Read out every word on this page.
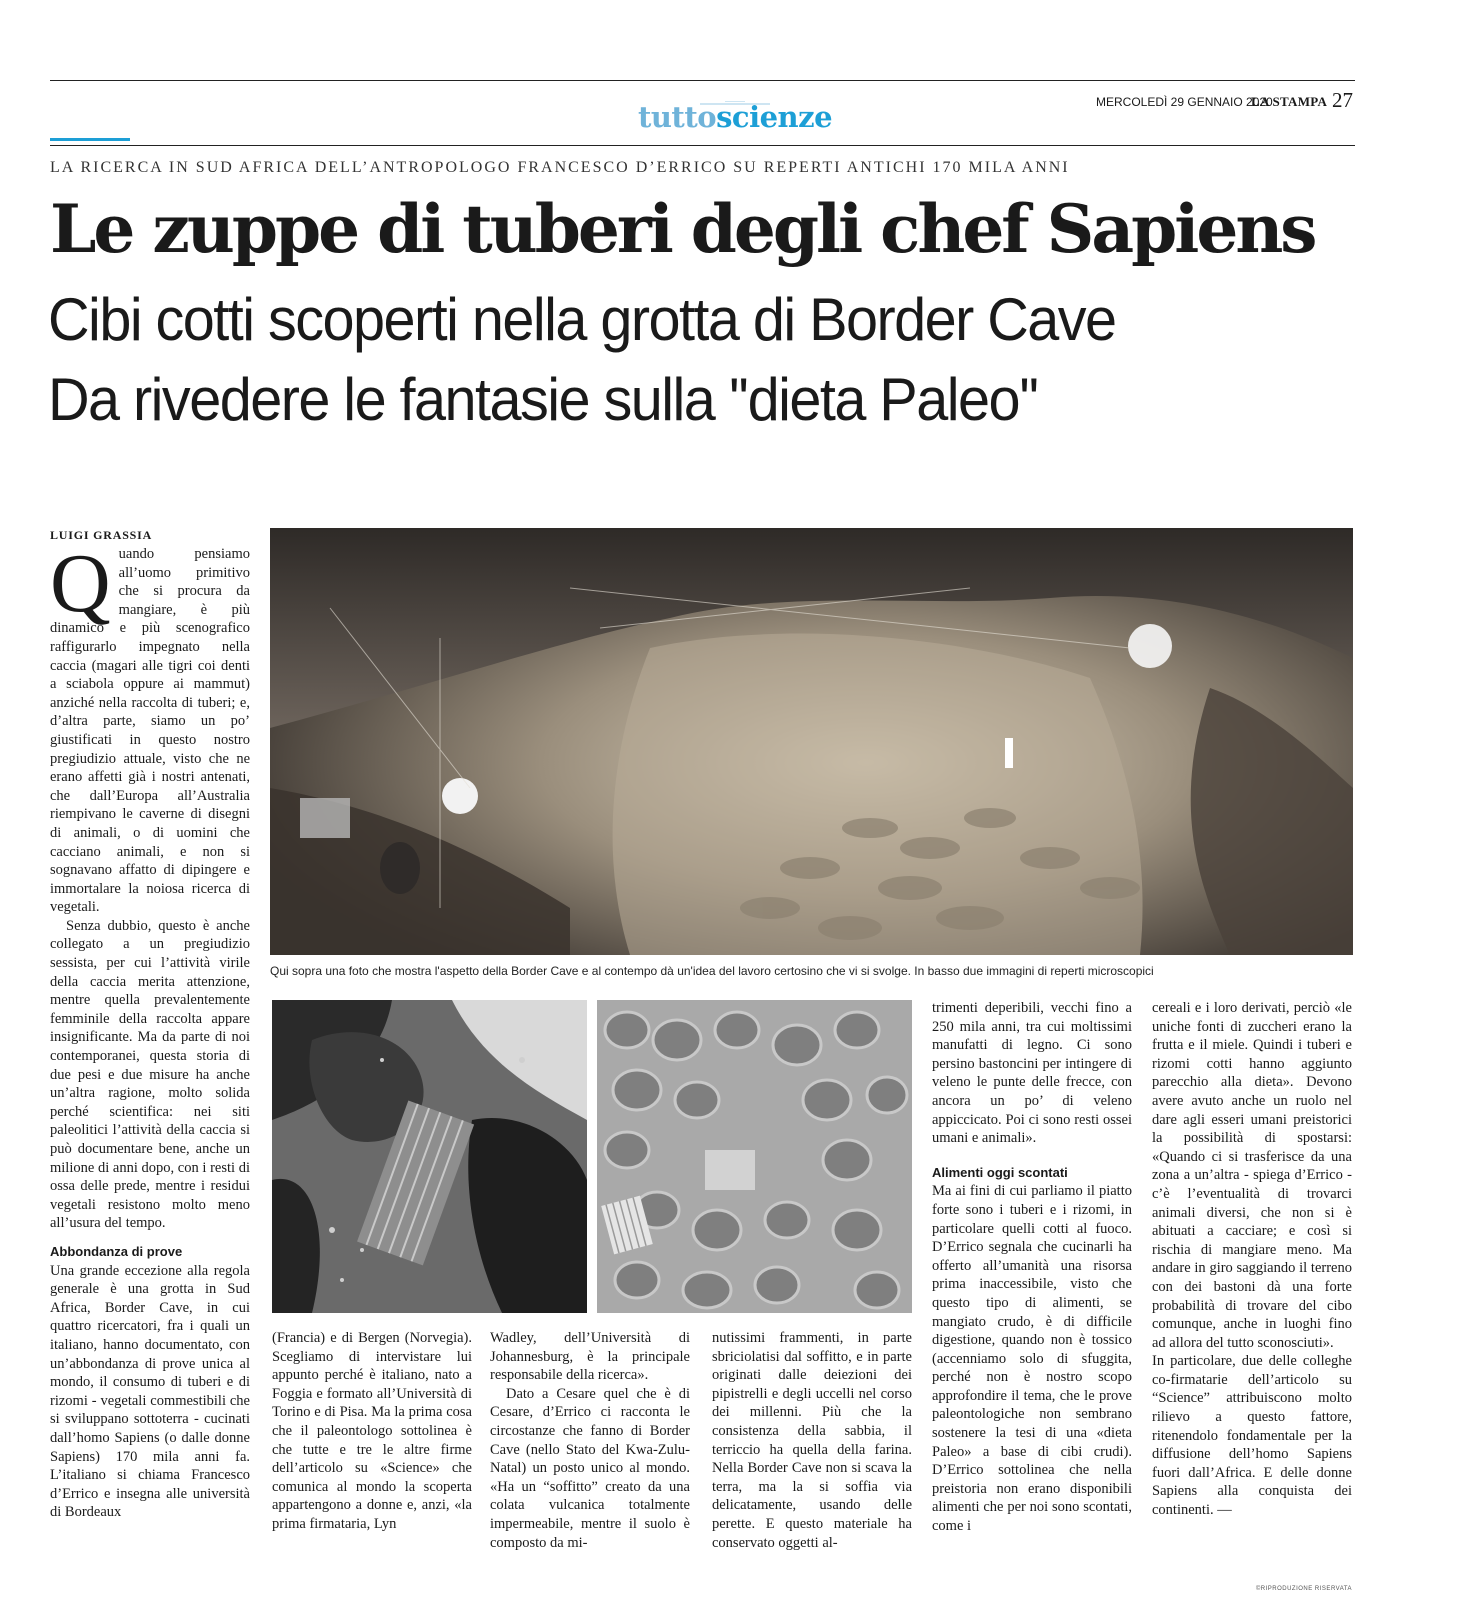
tuttoscienze	MERCOLEDÌ 29 GENNAIO 2020
LA STAMPA 27
LA RICERCA IN SUD AFRICA DELL’ANTROPOLOGO FRANCESCO D’ERRICO SU REPERTI ANTICHI 170 MILA ANNI
Le zuppe di tuberi degli chef Sapiens
Cibi cotti scoperti nella grotta di Border Cave
Da rivedere le fantasie sulla ''dieta Paleo''
LUIGI GRASSIA
Q uando pensiamo all’uomo primitivo che si procura da mangiare, è più dinamico e più scenografico raffigurarlo impegnato nella caccia (magari alle tigri coi denti a sciabola oppure ai mammut) anziché nella raccolta di tuberi; e, d’altra parte, siamo un po’ giustificati in questo nostro pregiudizio attuale, visto che ne erano affetti già i nostri antenati, che dall’Europa all’Australia riempivano le caverne di disegni di animali, o di uomini che cacciano animali, e non si sognavano affatto di dipingere e immortalare la noiosa ricerca di vegetali.

Senza dubbio, questo è anche collegato a un pregiudizio sessista, per cui l’attività virile della caccia merita attenzione, mentre quella prevalentemente femminile della raccolta appare insignificante. Ma da parte di noi contemporanei, questa storia di due pesi e due misure ha anche un’altra ragione, molto solida perché scientifica: nei siti paleolitici l’attività della caccia si può documentare bene, anche un milione di anni dopo, con i resti di ossa delle prede, mentre i residui vegetali resistono molto meno all’usura del tempo.

Abbondanza di prove

Una grande eccezione alla regola generale è una grotta in Sud Africa, Border Cave, in cui quattro ricercatori, fra i quali un italiano, hanno documentato, con un’abbondanza di prove unica al mondo, il consumo di tuberi e di rizomi - vegetali commestibili che si sviluppano sottoterra - cucinati dall’homo Sapiens (o dalle donne Sapiens) 170 mila anni fa. L’italiano si chiama Francesco d’Errico e insegna alle università di Bordeaux

Qui sopra una foto che mostra l'aspetto della Border Cave e al contempo dà un'idea del lavoro certosino che vi si svolge. In basso due immagini di reperti microscopici

(Francia) e di Bergen (Norvegia). Scegliamo di intervistare lui appunto perché è italiano, nato a Foggia e formato all’Università di Torino e di Pisa. Ma la prima cosa che il paleontologo sottolinea è che tutte e tre le altre firme dell’articolo su «Science» che comunica al mondo la scoperta appartengono a donne e, anzi, «la prima firmataria, Lyn

Wadley, dell’Università di Johannesburg, è la principale responsabile della ricerca».

Dato a Cesare quel che è di Cesare, d’Errico ci racconta le circostanze che fanno di Border Cave (nello Stato del Kwa-Zulu-Natal) un posto unico al mondo. «Ha un “soffitto” creato da una colata vulcanica totalmente impermeabile, mentre il suolo è composto da mi-

nutissimi frammenti, in parte sbriciolatisi dal soffitto, e in parte originati dalle deiezioni dei pipistrelli e degli uccelli nel corso dei millenni. Più che la consistenza della sabbia, il terriccio ha quella della farina. Nella Border Cave non si scava la terra, ma la si soffia via delicatamente, usando delle perette. E questo materiale ha conservato oggetti al-

trimenti deperibili, vecchi fino a 250 mila anni, tra cui moltissimi manufatti di legno. Ci sono persino bastoncini per intingere di veleno le punte delle frecce, con ancora un po’ di veleno appiccicato. Poi ci sono resti ossei umani e animali».

Alimenti oggi scontati

Ma ai fini di cui parliamo il piatto forte sono i tuberi e i rizomi, in particolare quelli cotti al fuoco. D’Errico segnala che cucinarli ha offerto all’umanità una risorsa prima inaccessibile, visto che questo tipo di alimenti, se mangiato crudo, è di difficile digestione, quando non è tossico (accenniamo solo di sfuggita, perché non è nostro scopo approfondire il tema, che le prove paleontologiche non sembrano sostenere la tesi di una «dieta Paleo» a base di cibi crudi). D’Errico sottolinea che nella preistoria non erano disponibili alimenti che per noi sono scontati, come i

cereali e i loro derivati, perciò «le uniche fonti di zuccheri erano la frutta e il miele. Quindi i tuberi e rizomi cotti hanno aggiunto parecchio alla dieta». Devono avere avuto anche un ruolo nel dare agli esseri umani preistorici la possibilità di spostarsi: «Quando ci si trasferisce da una zona a un’altra - spiega d’Errico - c’è l’eventualità di trovarci animali diversi, che non si è abituati a cacciare; e così si rischia di mangiare meno. Ma andare in giro saggiando il terreno con dei bastoni dà una forte probabilità di trovare del cibo comunque, anche in luoghi fino ad allora del tutto sconosciuti».

In particolare, due delle colleghe co-firmatarie dell’articolo su “Science” attribuiscono molto rilievo a questo fattore, ritenendolo fondamentale per la diffusione dell’homo Sapiens fuori dall’Africa. E delle donne Sapiens alla conquista dei continenti. —

©RIPRODUZIONE RISERVATA
